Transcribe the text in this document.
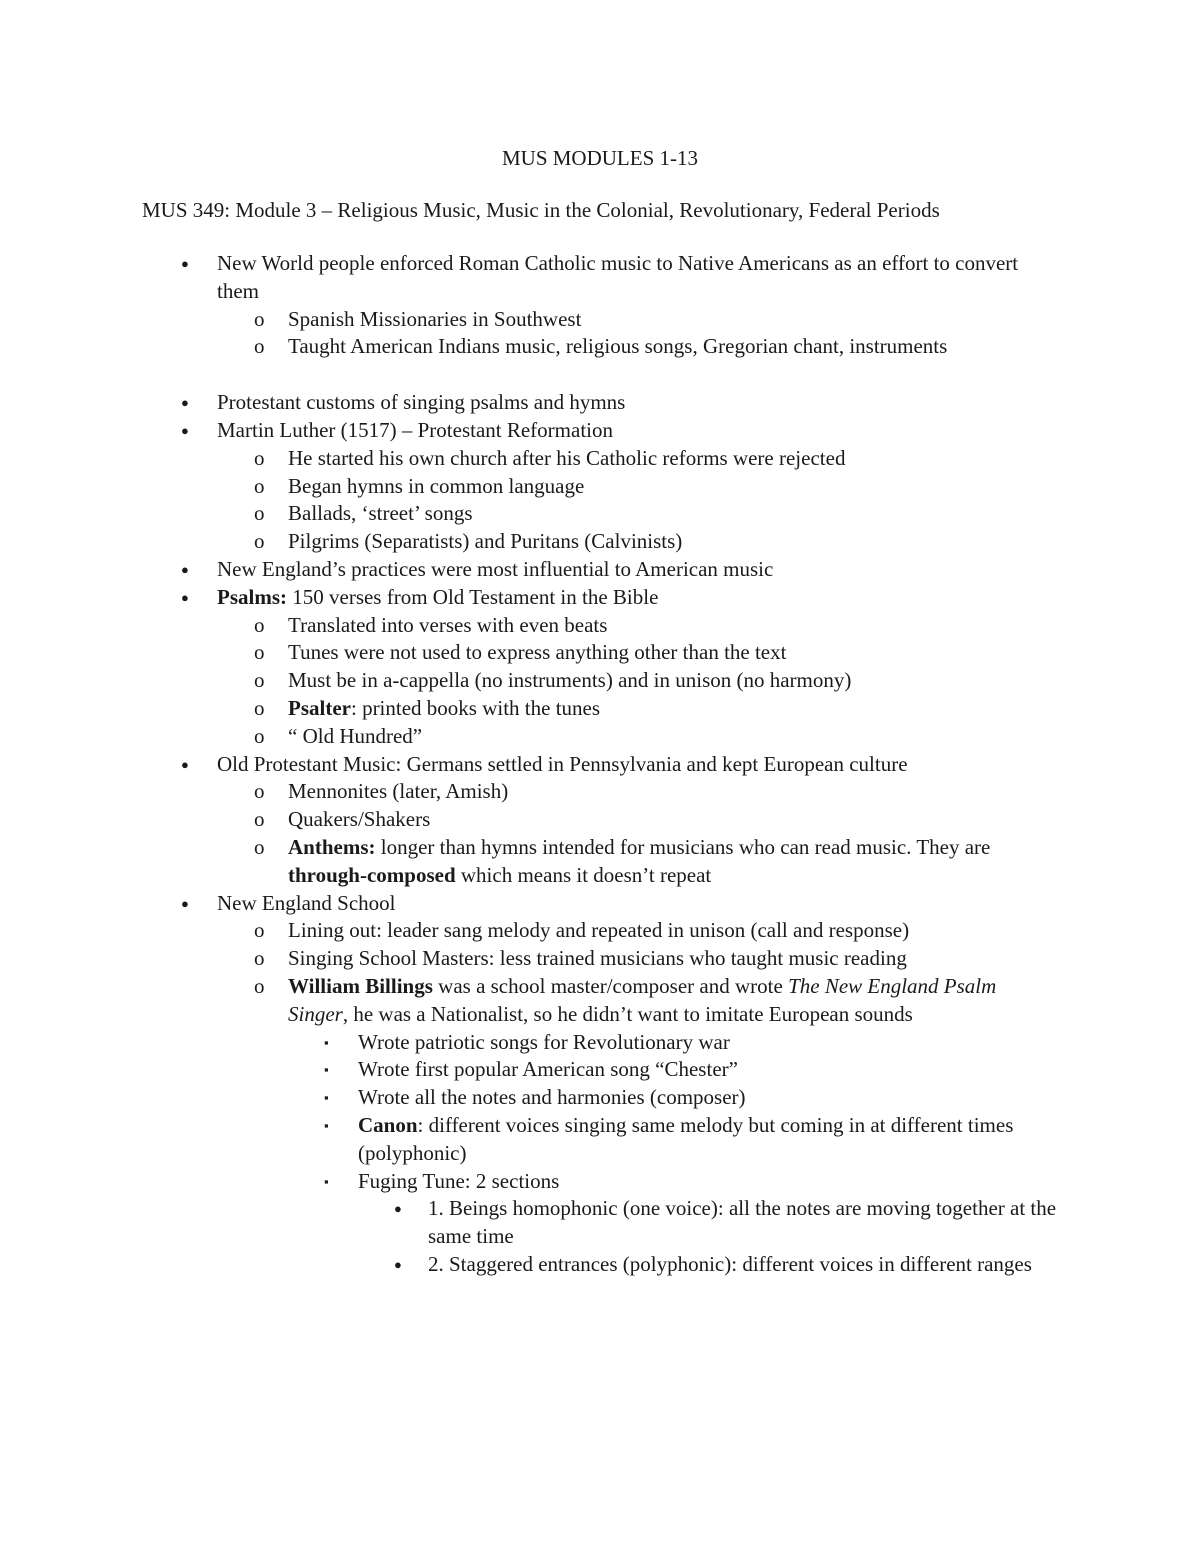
MUS MODULES 1-13
MUS 349: Module 3 – Religious Music, Music in the Colonial, Revolutionary, Federal Periods
● New World people enforced Roman Catholic music to Native Americans as an effort to convert them
o Spanish Missionaries in Southwest
o Taught American Indians music, religious songs, Gregorian chant, instruments
● Protestant customs of singing psalms and hymns
● Martin Luther (1517) – Protestant Reformation
o He started his own church after his Catholic reforms were rejected
o Began hymns in common language
o Ballads, ‘street’ songs
o Pilgrims (Separatists) and Puritans (Calvinists)
● New England’s practices were most influential to American music
● Psalms: 150 verses from Old Testament in the Bible
o Translated into verses with even beats
o Tunes were not used to express anything other than the text
o Must be in a-cappella (no instruments) and in unison (no harmony)
o Psalter: printed books with the tunes
o “ Old Hundred”
● Old Protestant Music: Germans settled in Pennsylvania and kept European culture
o Mennonites (later, Amish)
o Quakers/Shakers
o Anthems: longer than hymns intended for musicians who can read music. They are through-composed which means it doesn’t repeat
● New England School
o Lining out: leader sang melody and repeated in unison (call and response)
o Singing School Masters: less trained musicians who taught music reading
o William Billings was a school master/composer and wrote The New England Psalm Singer, he was a Nationalist, so he didn’t want to imitate European sounds
▪ Wrote patriotic songs for Revolutionary war
▪ Wrote first popular American song “Chester”
▪ Wrote all the notes and harmonies (composer)
▪ Canon: different voices singing same melody but coming in at different times (polyphonic)
▪ Fuging Tune: 2 sections
● 1. Beings homophonic (one voice): all the notes are moving together at the same time
● 2. Staggered entrances (polyphonic): different voices in different ranges
